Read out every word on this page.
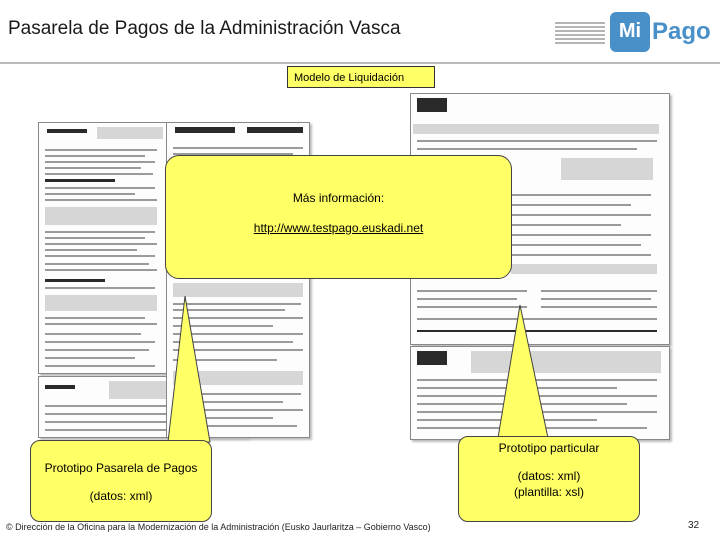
Pasarela de Pagos de la Administración Vasca	Mi Pago
Modelo de Liquidación
Más información:
http://www.testpago.euskadi.net
Prototipo Pasarela de Pagos
(datos: xml)
Prototipo particular
(datos: xml)
(plantilla: xsl)
© Dirección de la Oficina para la Modernización de la Administración (Eusko Jaurlaritza – Gobierno Vasco)	32
